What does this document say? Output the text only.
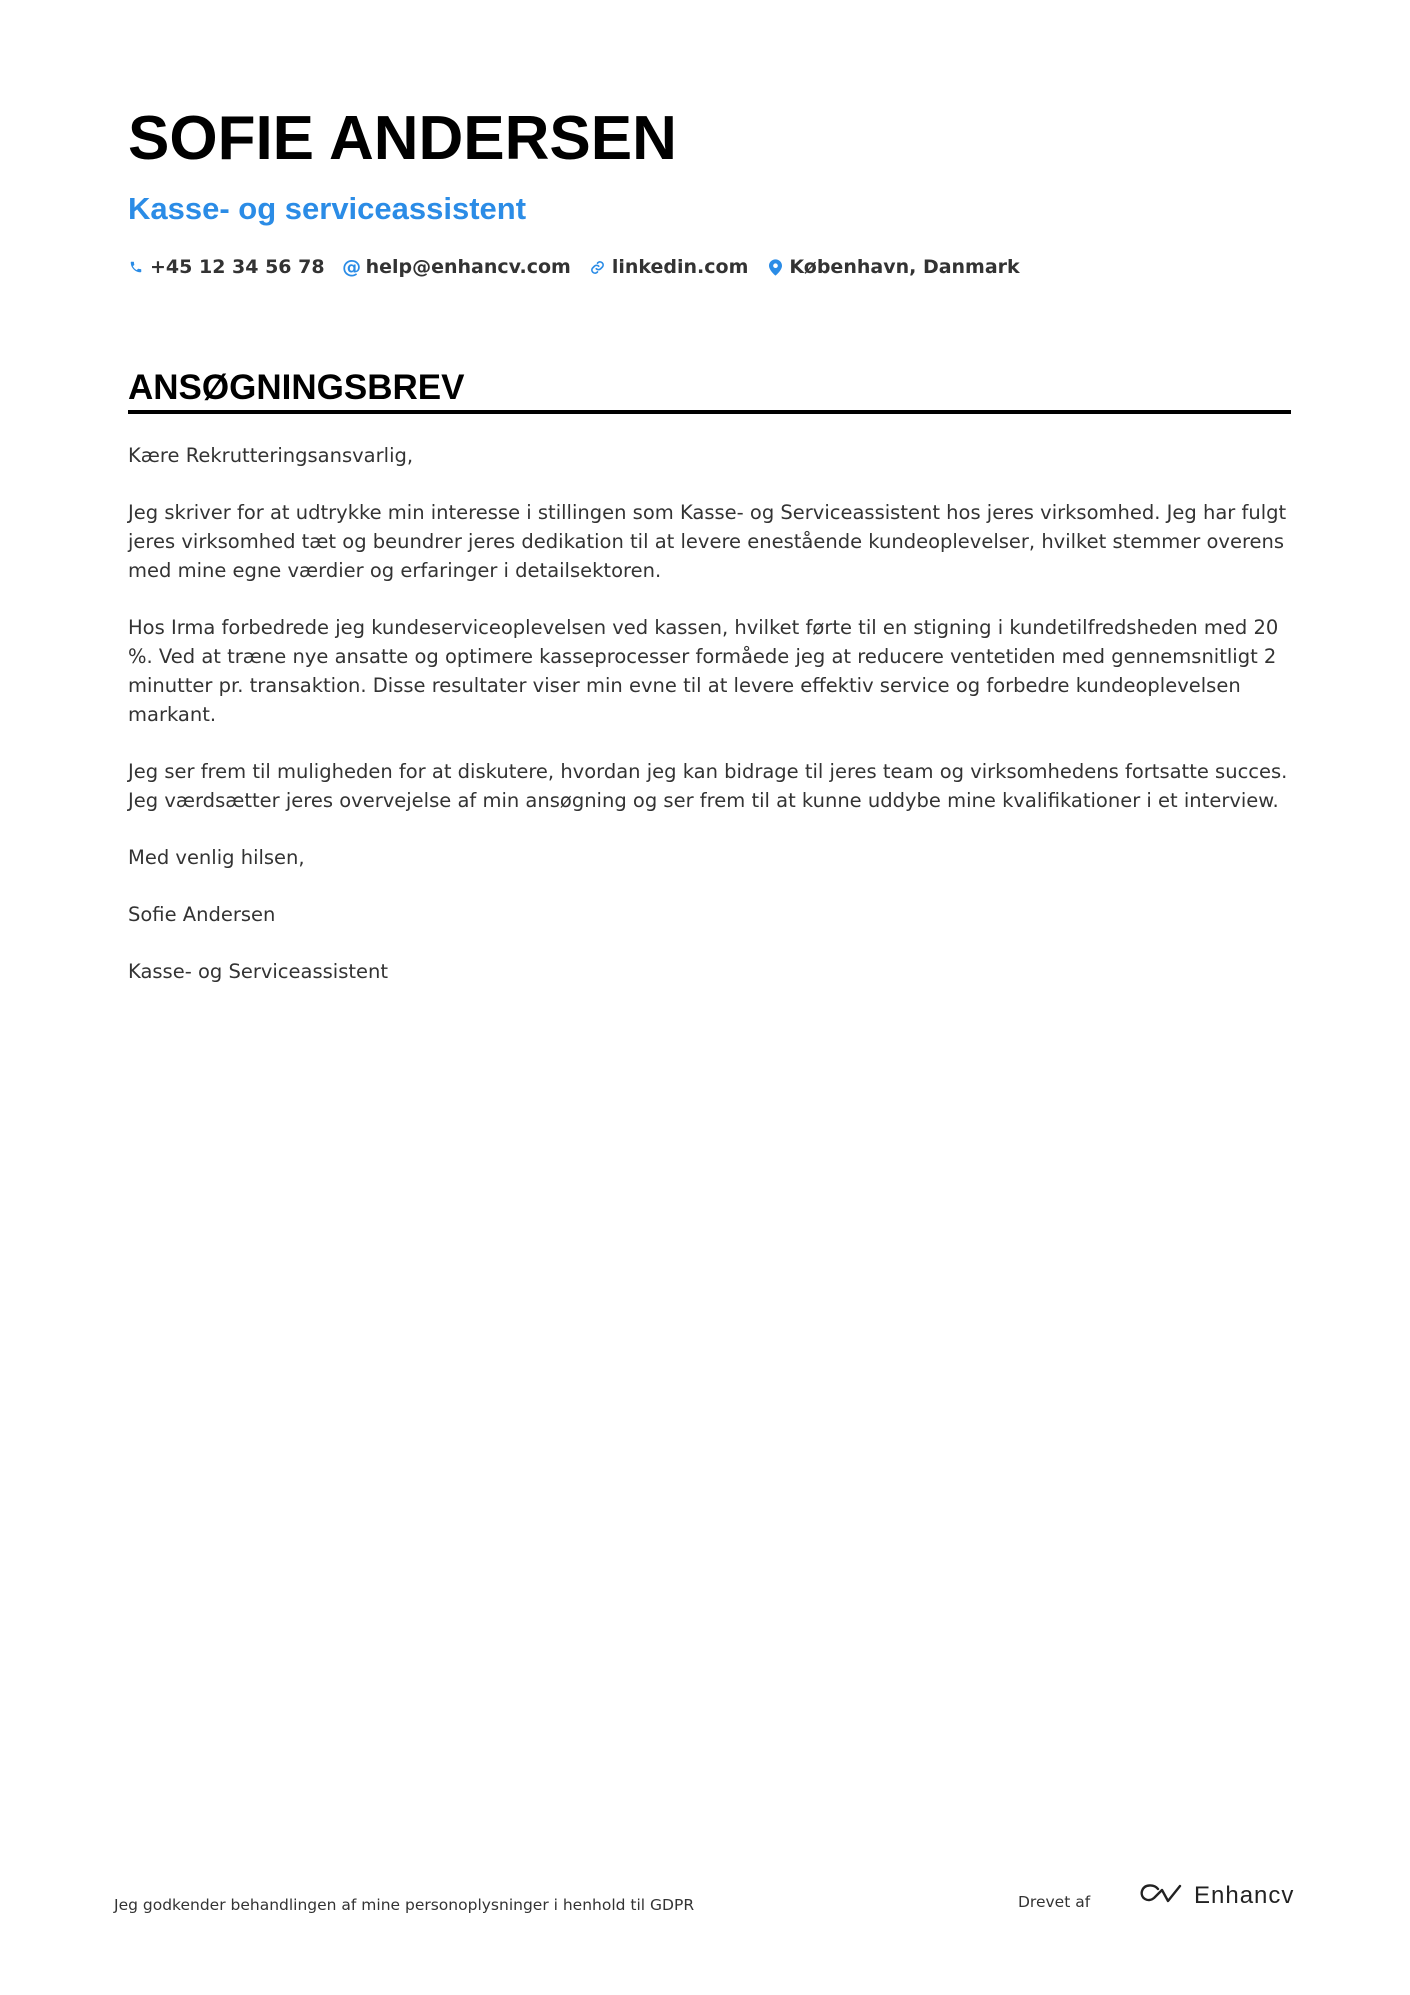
SOFIE ANDERSEN
Kasse- og serviceassistent
+45 12 34 56 78 @ help@enhancv.com linkedin.com København, Danmark
ANSØGNINGSBREV

Kære Rekrutteringsansvarlig,

Jeg skriver for at udtrykke min interesse i stillingen som Kasse- og Serviceassistent hos jeres virksomhed. Jeg har fulgt jeres virksomhed tæt og beundrer jeres dedikation til at levere enestående kundeoplevelser, hvilket stemmer overens med mine egne værdier og erfaringer i detailsektoren.

Hos Irma forbedrede jeg kundeserviceoplevelsen ved kassen, hvilket førte til en stigning i kundetilfredsheden med 20 %. Ved at træne nye ansatte og optimere kasseprocesser formåede jeg at reducere ventetiden med gennemsnitligt 2 minutter pr. transaktion. Disse resultater viser min evne til at levere effektiv service og forbedre kundeoplevelsen markant.

Jeg ser frem til muligheden for at diskutere, hvordan jeg kan bidrage til jeres team og virksomhedens fortsatte succes. Jeg værdsætter jeres overvejelse af min ansøgning og ser frem til at kunne uddybe mine kvalifikationer i et interview.

Med venlig hilsen,

Sofie Andersen

Kasse- og Serviceassistent

Jeg godkender behandlingen af mine personoplysninger i henhold til GDPR	Drevet af	Enhancv
